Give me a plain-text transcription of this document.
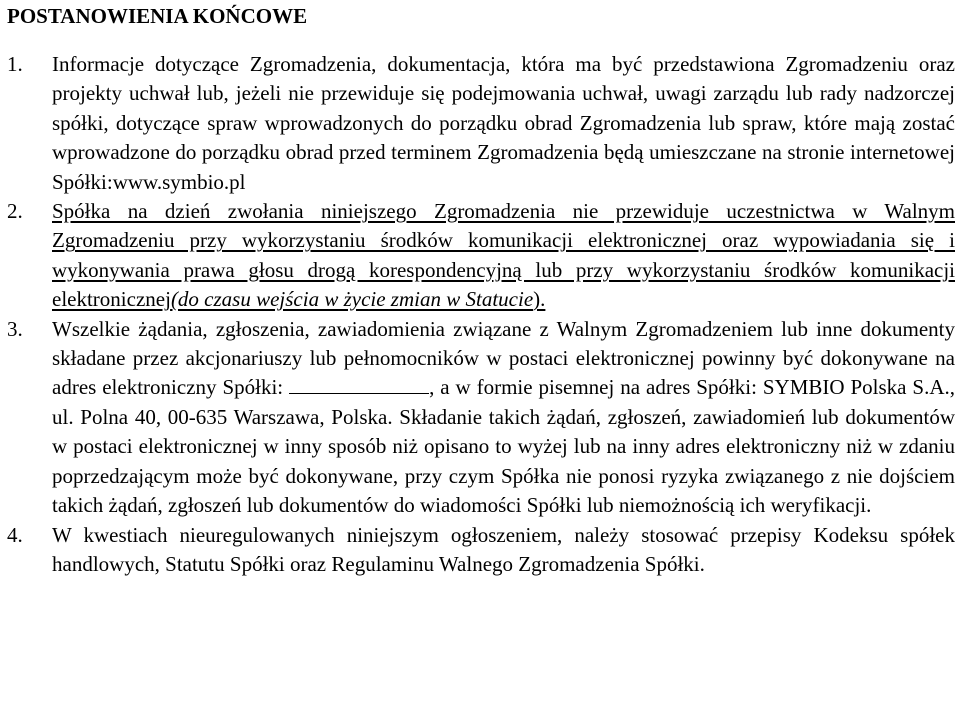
POSTANOWIENIA KOŃCOWE
1.	Informacje dotyczące Zgromadzenia, dokumentacja, która ma być przedstawiona Zgromadzeniu oraz projekty uchwał lub, jeżeli nie przewiduje się podejmowania uchwał, uwagi zarządu lub rady nadzorczej spółki, dotyczące spraw wprowadzonych do porządku obrad Zgromadzenia lub spraw, które mają zostać wprowadzone do porządku obrad przed terminem Zgromadzenia będą umieszczane na stronie internetowej Spółki:www.symbio.pl
2.	Spółka na dzień zwołania niniejszego Zgromadzenia nie przewiduje uczestnictwa w Walnym Zgromadzeniu przy wykorzystaniu środków komunikacji elektronicznej oraz wypowiadania się i wykonywania prawa głosu drogą korespondencyjną lub przy wykorzystaniu środków komunikacji elektronicznej(do czasu wejścia w życie zmian w Statucie).
3.	Wszelkie żądania, zgłoszenia, zawiadomienia związane z Walnym Zgromadzeniem lub inne dokumenty składane przez akcjonariuszy lub pełnomocników w postaci elektronicznej powinny być dokonywane na adres elektroniczny Spółki:	, a w formie pisemnej na adres Spółki: SYMBIO Polska S.A., ul. Polna 40, 00-635 Warszawa, Polska. Składanie takich żądań, zgłoszeń, zawiadomień lub dokumentów w postaci elektronicznej w inny sposób niż opisano to wyżej lub na inny adres elektroniczny niż w zdaniu poprzedzającym może być dokonywane, przy czym Spółka nie ponosi ryzyka związanego z nie dojściem takich żądań, zgłoszeń lub dokumentów do wiadomości Spółki lub niemożnością ich weryfikacji.
4.	W kwestiach nieuregulowanych niniejszym ogłoszeniem, należy stosować przepisy Kodeksu spółek handlowych, Statutu Spółki oraz Regulaminu Walnego Zgromadzenia Spółki.
